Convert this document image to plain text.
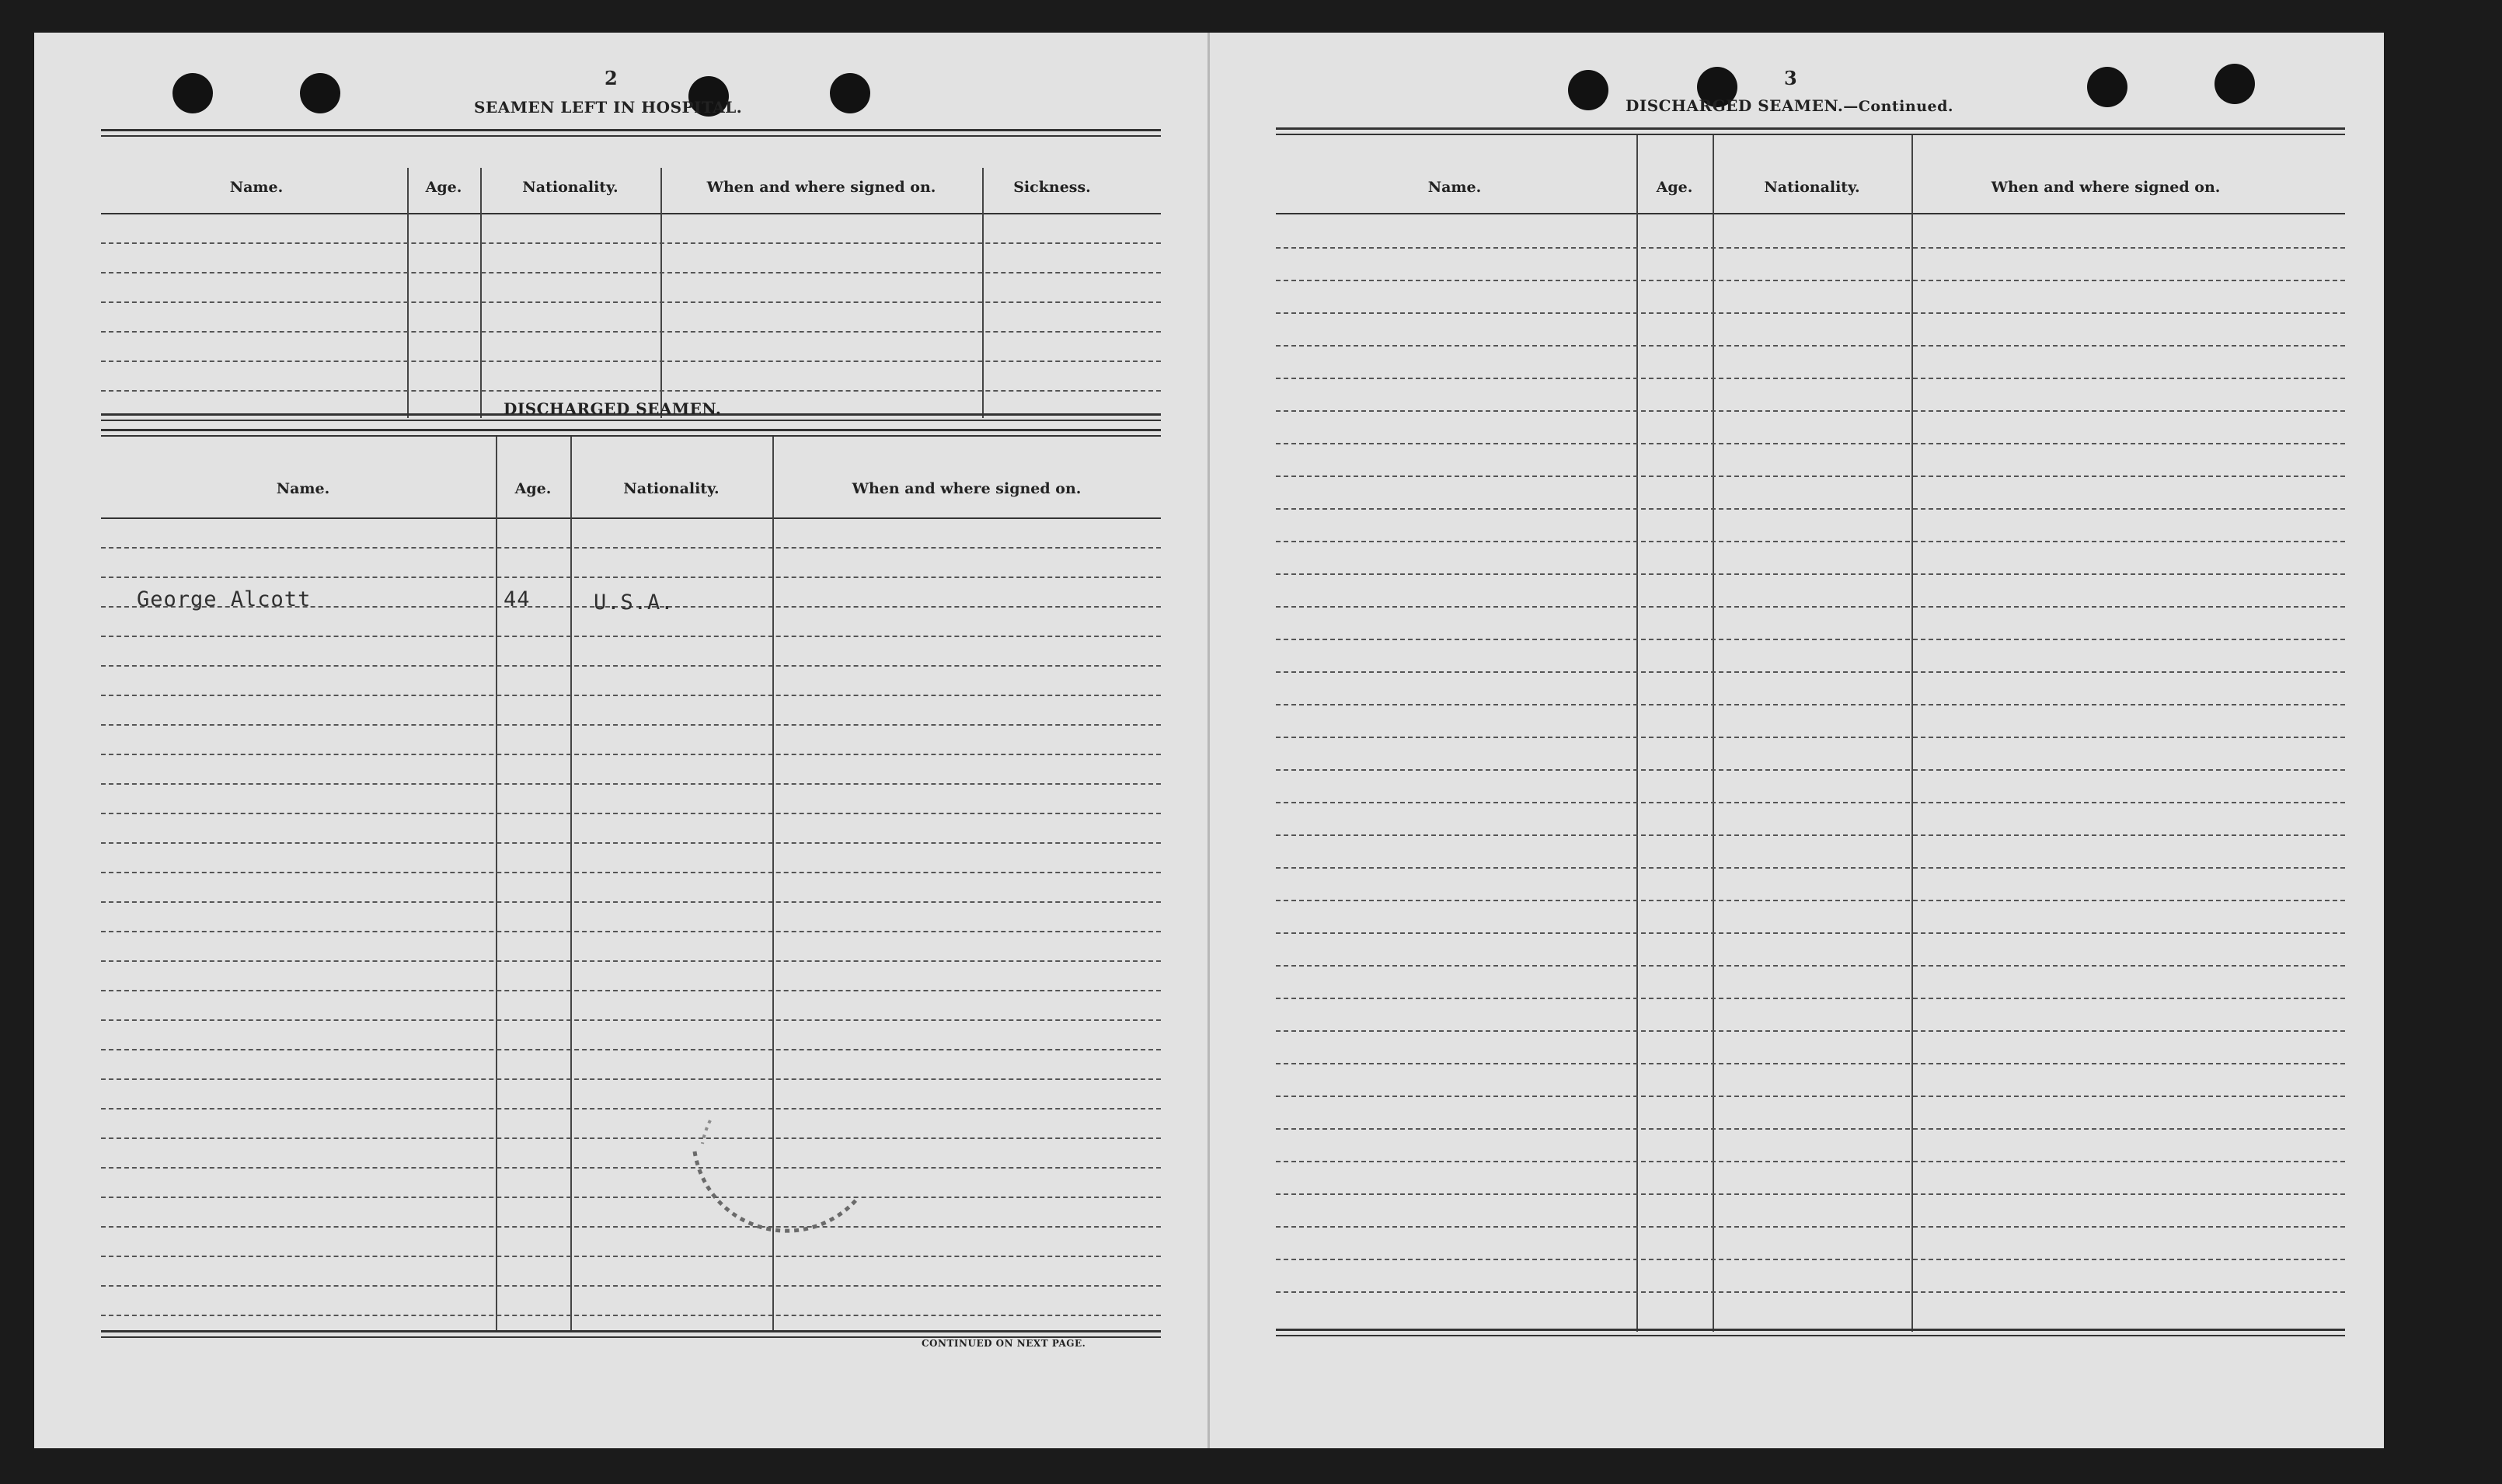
2
SEAMEN LEFT IN HOSPITAL.
Name.	Age.	Nationality.	When and where signed on.	Sickness.
DISCHARGED SEAMEN.
Name.	Age.	Nationality.	When and where signed on.
George Alcott	44	U.S.A.
CONTINUED ON NEXT PAGE.
3
DISCHARGED SEAMEN.—Continued.
Name.	Age.	Nationality.	When and where signed on.
